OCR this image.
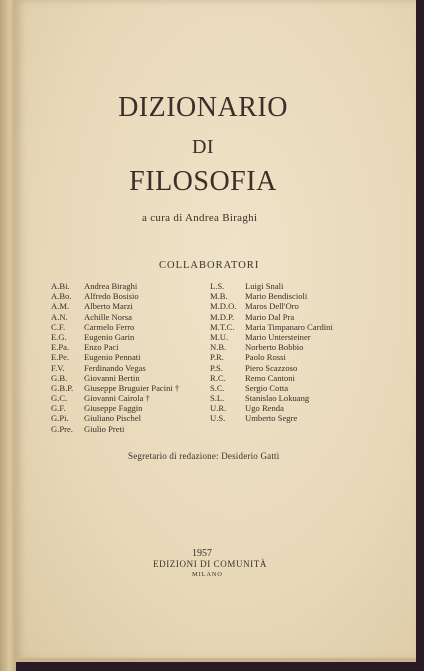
DIZIONARIO
DI
FILOSOFIA
a cura di Andrea Biraghi
COLLABORATORI
A.Bi. Andrea Biraghi
A.Bo. Alfredo Bosisio
A.M. Alberto Marzi
A.N. Achille Norsa
C.F. Carmelo Ferro
E.G. Eugenio Garin
E.Pa. Enzo Paci
E.Pe. Eugenio Pennati
F.V. Ferdinando Vegas
G.B. Giovanni Bertin
G.B.P. Giuseppe Bruguier Pacini †
G.C. Giovanni Cairola †
G.F. Giuseppe Faggin
G.Pi. Giuliano Pischel
G.Pre. Giulio Preti
L.S. Luigi Snali
M.B. Mario Bendiscioli
M.D.O. Maros Dell'Oro
M.D.P. Mario Dal Pra
M.T.C. Maria Timpanaro Cardini
M.U. Mario Untersteiner
N.B. Norberto Bobbio
P.R. Paolo Rossi
P.S.	Piero Scazzoso
R.C. Remo Cantoni
S.C. Sergio Cotta
S.L. Stanislao Lokuang
U.R. Ugo Renda
U.S. Umberto Segre
Segretario di redazione: Desiderio Gatti
1957
EDIZIONI DI COMUNITÀ
MILANO
